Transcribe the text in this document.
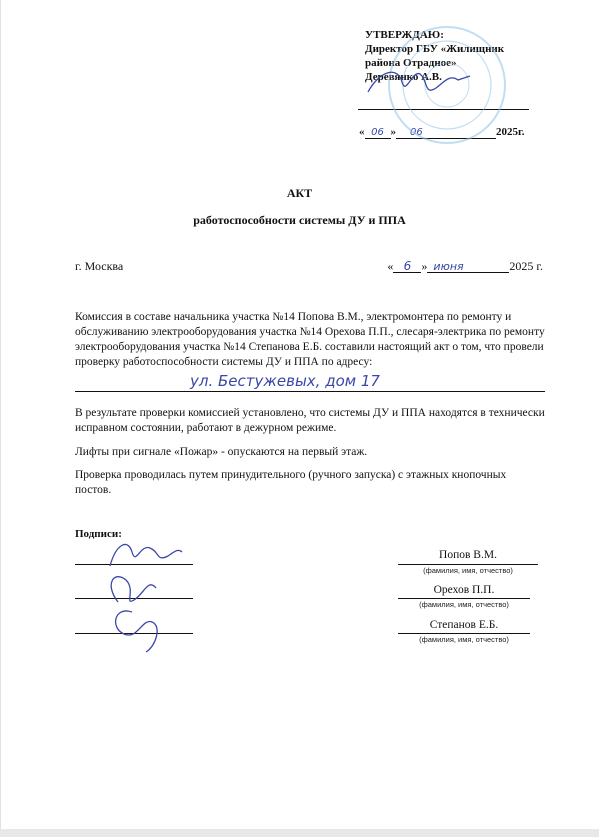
УТВЕРЖДАЮ:
Директор ГБУ «Жилищник
района Отрадное»
Деревянко А.В.
« 06 » 06	2025г.
АКТ
работоспособности системы ДУ и ППА
г. Москва	« 6 » июня	2025 г.
Комиссия в составе начальника участка №14 Попова В.М., электромонтера по ремонту и обслуживанию электрооборудования участка №14 Орехова П.П., слесаря-электрика по ремонту электрооборудования участка №14 Степанова Е.Б. составили настоящий акт о том, что провели проверку работоспособности системы ДУ и ППА по адресу:
ул. Бестужевых, дом 17
В результате проверки комиссией установлено, что системы ДУ и ППА находятся в технически исправном состоянии, работают в дежурном режиме.
Лифты при сигнале «Пожар» - опускаются на первый этаж.
Проверка проводилась путем принудительного (ручного запуска) с этажных кнопочных постов.
Подписи:
Попов В.М.
(фамилия, имя, отчество)
Орехов П.П.
(фамилия, имя, отчество)
Степанов Е.Б.
(фамилия, имя, отчество)
